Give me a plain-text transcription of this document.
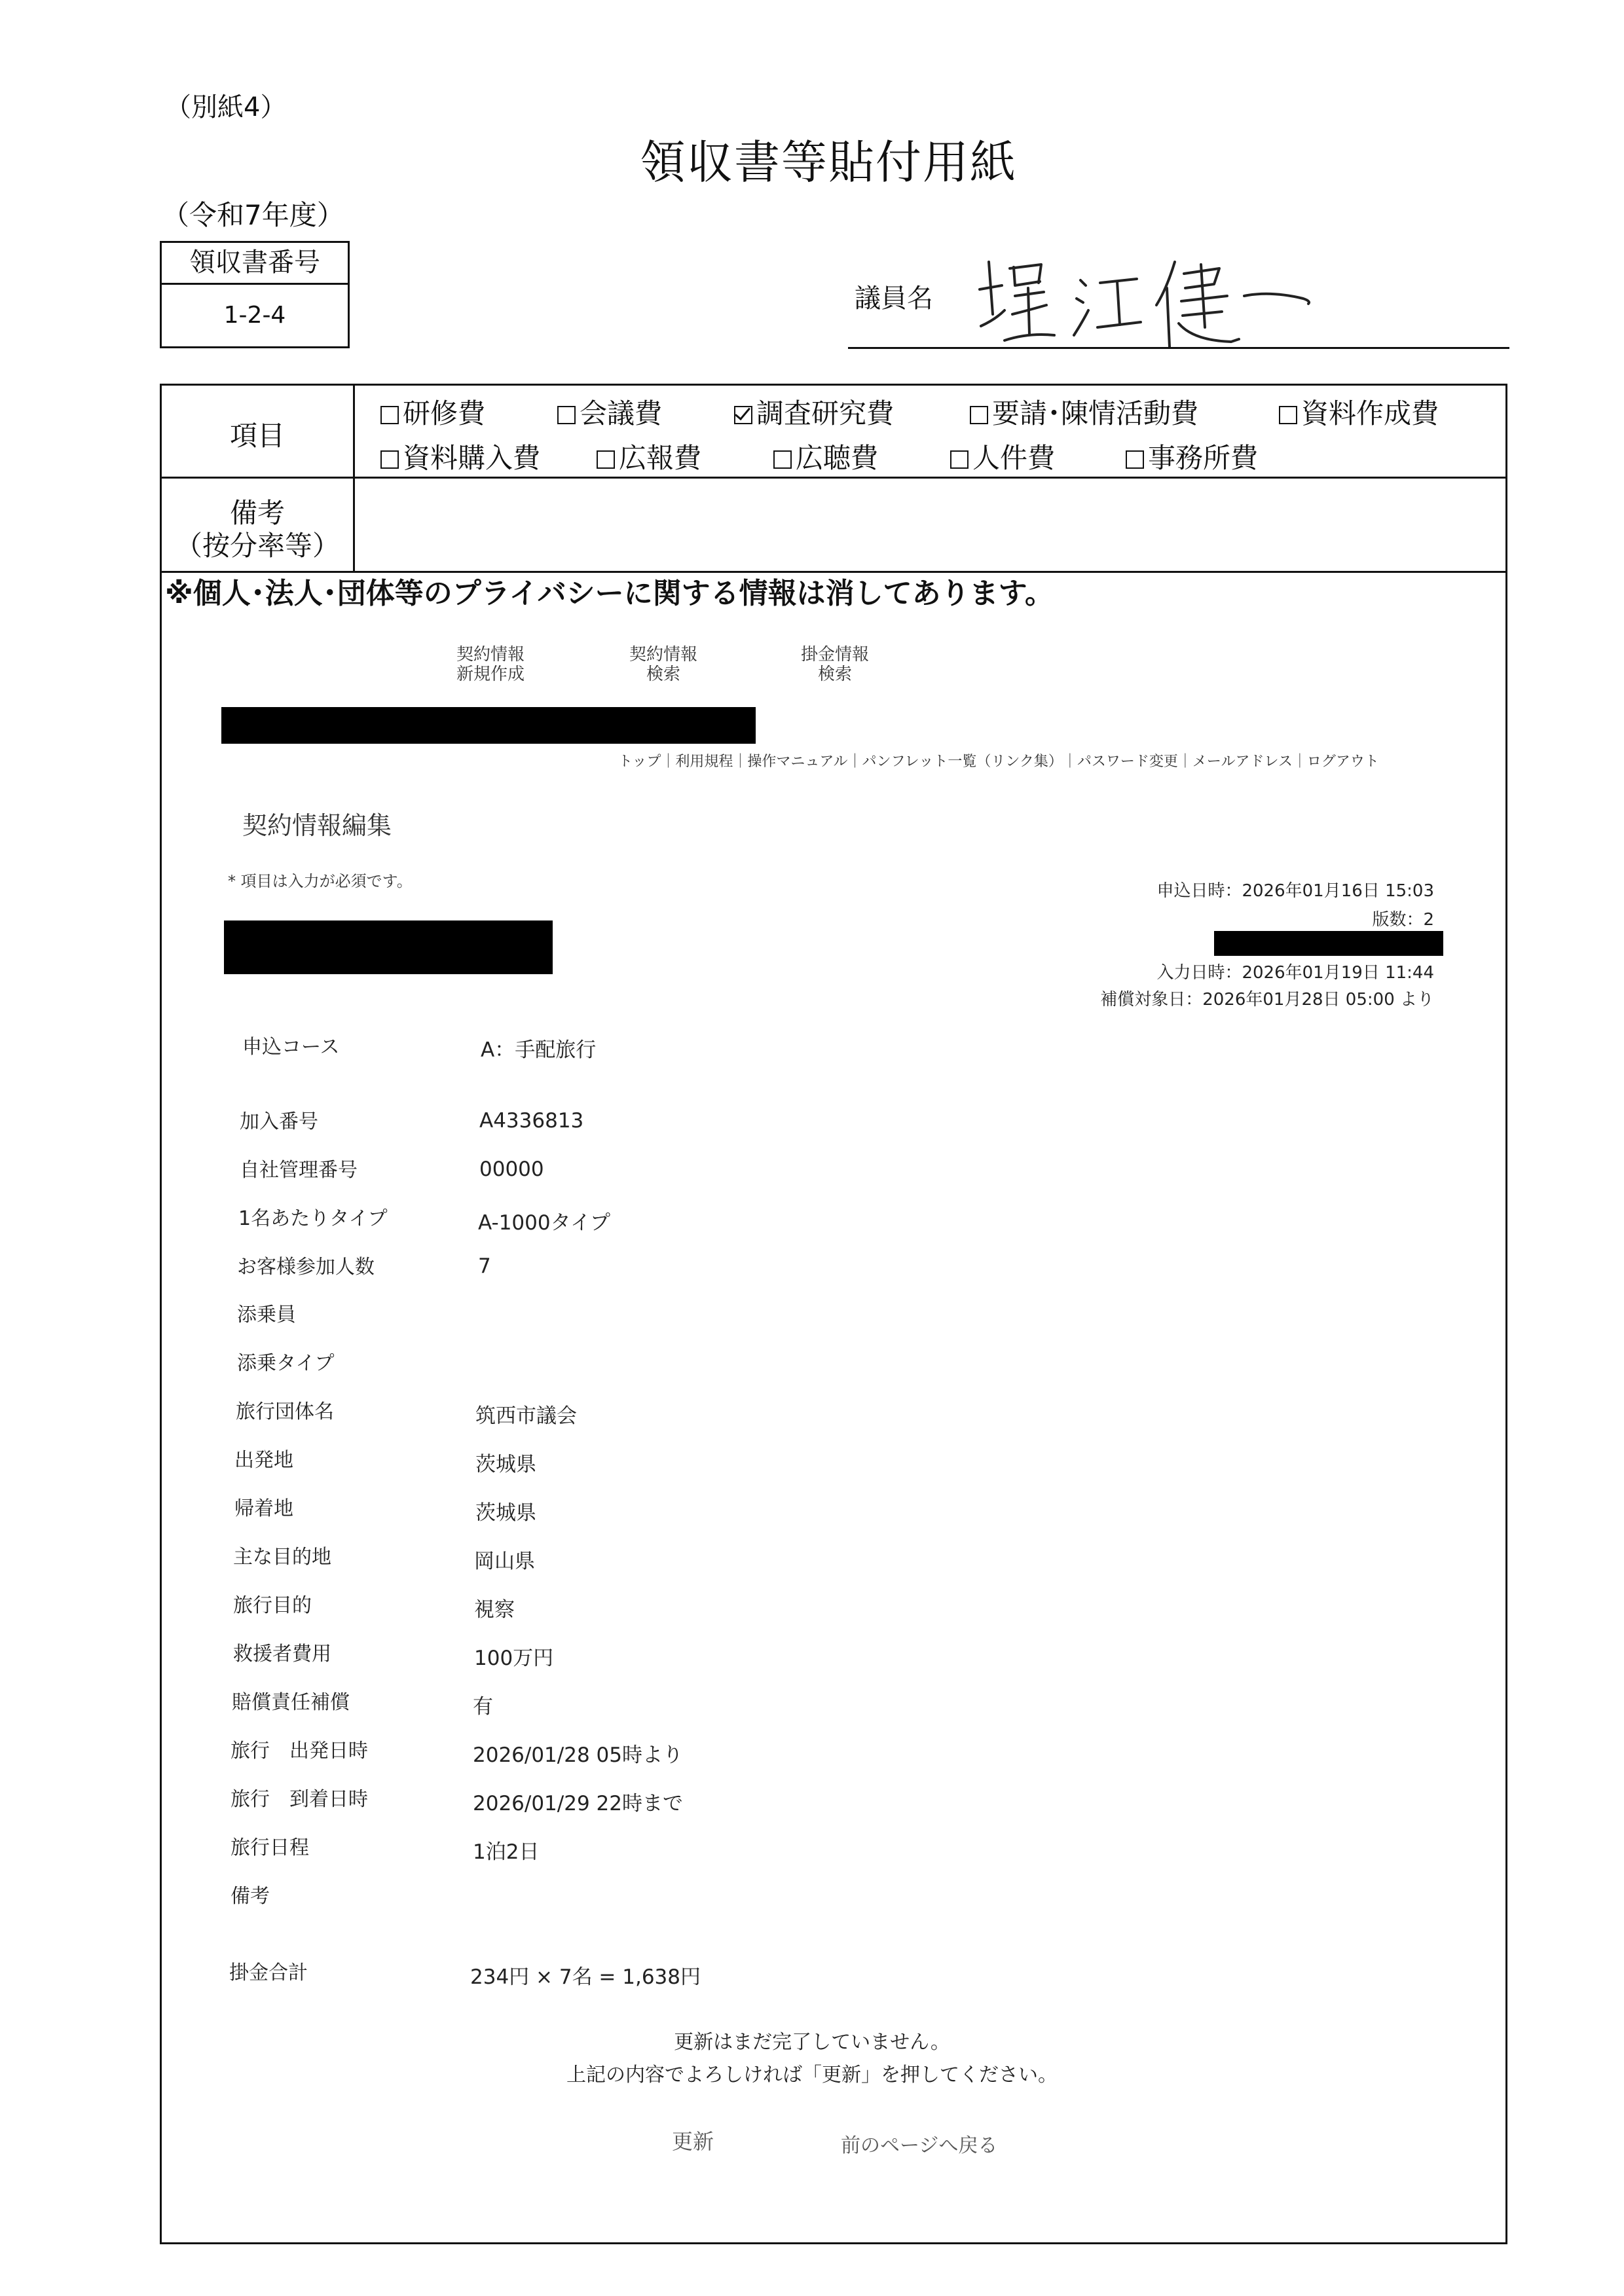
（別紙4）
領収書等貼付用紙
（令和7年度）
領収書番号
1-2-4
議員名
項目
研修費	会議費	調査研究費	要請･陳情活動費	資料作成費
資料購入費	広報費	広聴費	人件費	事務所費
備考
（按分率等）
※個人･法人･団体等のプライバシーに関する情報は消してあります。
契約情報
新規作成
契約情報
検索
掛金情報
検索
トップ｜利用規程｜操作マニュアル｜パンフレット一覧（リンク集）｜パスワード変更｜メールアドレス｜ログアウト
契約情報編集
* 項目は入力が必須です。	申込日時：2026年01月16日 15:03
版数：2
入力日時：2026年01月19日 11:44
補償対象日：2026年01月28日 05:00 より
申込コース	A：手配旅行
加入番号	A4336813
自社管理番号	00000
1名あたりタイプ	A-1000タイプ
お客様参加人数	7
添乗員
添乗タイプ
旅行団体名	筑西市議会
出発地	茨城県
帰着地	茨城県
主な目的地	岡山県
旅行目的	視察
救援者費用	100万円
賠償責任補償	有
旅行　出発日時	2026/01/28 05時より
旅行　到着日時	2026/01/29 22時まで
旅行日程	1泊2日
備考
掛金合計	234円 × 7名 = 1,638円
更新はまだ完了していません。
上記の内容でよろしければ「更新」を押してください。
更新	前のページへ戻る
